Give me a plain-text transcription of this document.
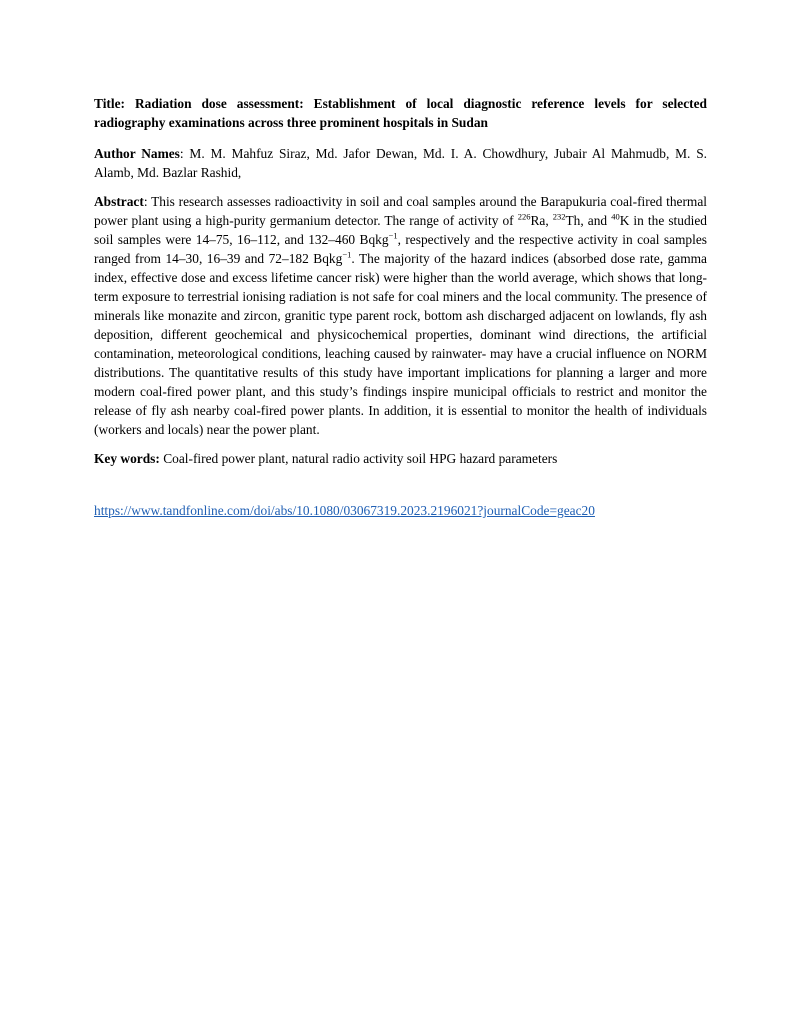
Title: Radiation dose assessment: Establishment of local diagnostic reference levels for selected radiography examinations across three prominent hospitals in Sudan

Author Names: M. M. Mahfuz Siraz, Md. Jafor Dewan, Md. I. A. Chowdhury, Jubair Al Mahmudb, M. S. Alamb, Md. Bazlar Rashid,

Abstract: This research assesses radioactivity in soil and coal samples around the Barapukuria coal-fired thermal power plant using a high-purity germanium detector. The range of activity of $^{226}$Ra, $^{232}$Th, and $^{40}$K in the studied soil samples were 14–75, 16–112, and 132–460 Bqkg$^{-1}$, respectively and the respective activity in coal samples ranged from 14–30, 16–39 and 72–182 Bqkg$^{-1}$. The majority of the hazard indices (absorbed dose rate, gamma index, effective dose and excess lifetime cancer risk) were higher than the world average, which shows that long-term exposure to terrestrial ionising radiation is not safe for coal miners and the local community. The presence of minerals like monazite and zircon, granitic type parent rock, bottom ash discharged adjacent on lowlands, fly ash deposition, different geochemical and physicochemical properties, dominant wind directions, the artificial contamination, meteorological conditions, leaching caused by rainwater- may have a crucial influence on NORM distributions. The quantitative results of this study have important implications for planning a larger and more modern coal-fired power plant, and this study’s findings inspire municipal officials to restrict and monitor the release of fly ash nearby coal-fired power plants. In addition, it is essential to monitor the health of individuals (workers and locals) near the power plant.

Key words: Coal-fired power plant, natural radio activity soil HPG hazard parameters

https://www.tandfonline.com/doi/abs/10.1080/03067319.2023.2196021?journalCode=geac20
